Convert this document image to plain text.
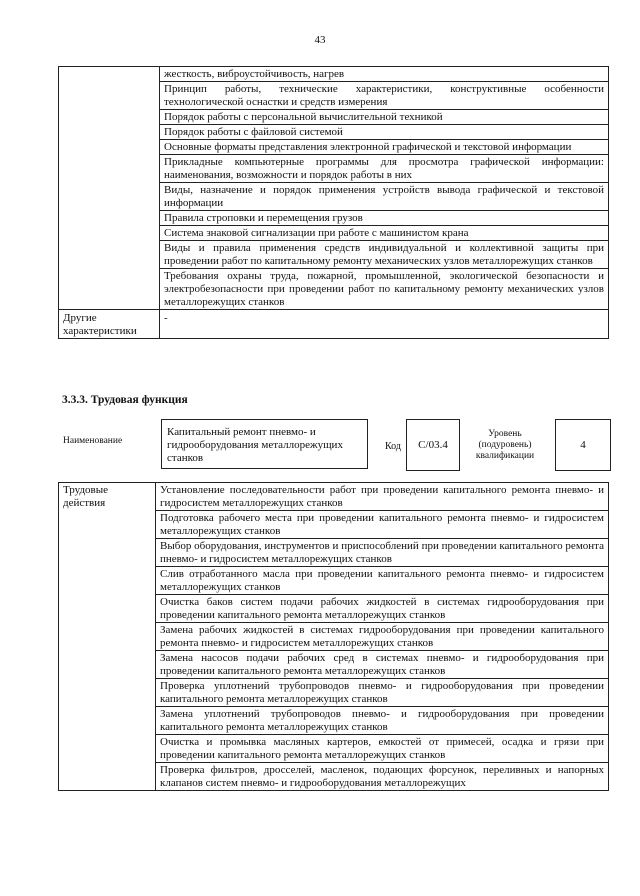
43
	жесткость, виброустойчивость, нагрев
	Принцип работы, технические характеристики, конструктивные особенности технологической оснастки и средств измерения
	Порядок работы с персональной вычислительной техникой
	Порядок работы с файловой системой
	Основные форматы представления электронной графической и текстовой информации
	Прикладные компьютерные программы для просмотра графической информации: наименования, возможности и порядок работы в них
	Виды, назначение и порядок применения устройств вывода графической и текстовой информации
	Правила строповки и перемещения грузов
	Система знаковой сигнализации при работе с машинистом крана
	Виды и правила применения средств индивидуальной и коллективной защиты при проведении работ по капитальному ремонту механических узлов металлорежущих станков
	Требования охраны труда, пожарной, промышленной, экологической безопасности и электробезопасности при проведении работ по капитальному ремонту механических узлов металлорежущих станков
Другие характеристики	-
3.3.3. Трудовая функция
Наименование
Капитальный ремонт пневмо- и гидрооборудования металлорежущих станков
Код	С/03.4
Уровень (подуровень) квалификации
4
Трудовые действия	Установление последовательности работ при проведении капитального ремонта пневмо- и гидросистем металлорежущих станков
Подготовка рабочего места при проведении капитального ремонта пневмо- и гидросистем металлорежущих станков
Выбор оборудования, инструментов и приспособлений при проведении капитального ремонта пневмо- и гидросистем металлорежущих станков
Слив отработанного масла при проведении капитального ремонта пневмо- и гидросистем металлорежущих станков
Очистка баков систем подачи рабочих жидкостей в системах гидрооборудования при проведении капитального ремонта металлорежущих станков
Замена рабочих жидкостей в системах гидрооборудования при проведении капитального ремонта пневмо- и гидросистем металлорежущих станков
Замена насосов подачи рабочих сред в системах пневмо- и гидрооборудования при проведении капитального ремонта металлорежущих станков
Проверка уплотнений трубопроводов пневмо- и гидрооборудования при проведении капитального ремонта металлорежущих станков
Замена уплотнений трубопроводов пневмо- и гидрооборудования при проведении капитального ремонта металлорежущих станков
Очистка и промывка масляных картеров, емкостей от примесей, осадка и грязи при проведении капитального ремонта металлорежущих станков
Проверка фильтров, дросселей, масленок, подающих форсунок, переливных и напорных клапанов систем пневмо- и гидрооборудования металлорежущих
